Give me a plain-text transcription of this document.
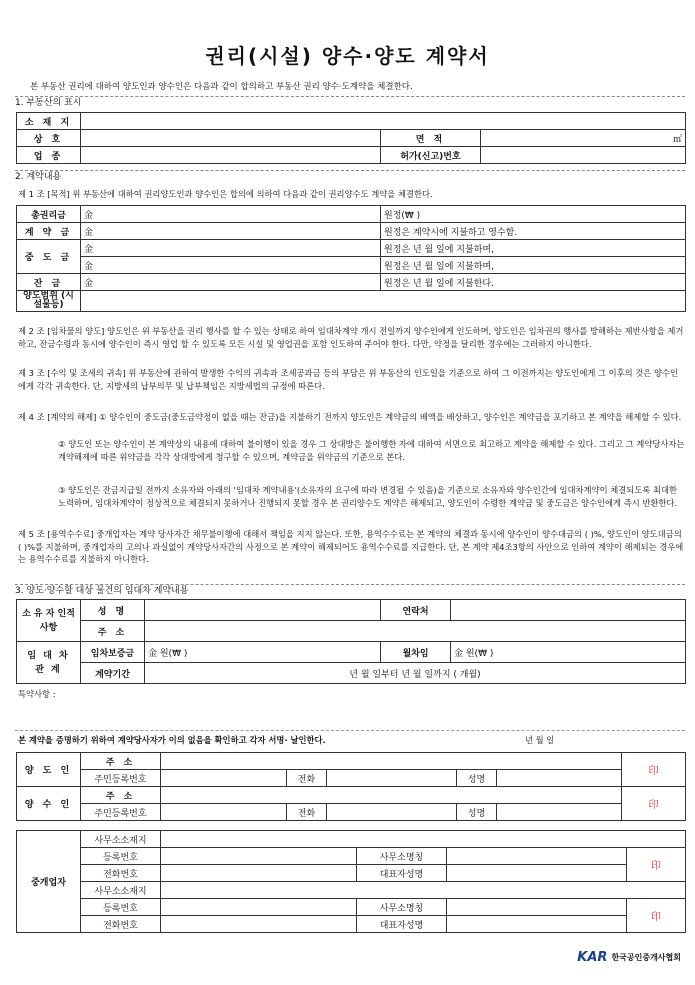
권리(시설) 양수·양도 계약서
본 부동산 권리에 대하여 양도인과 양수인은 다음과 같이 합의하고 부동산 권리 양수·도계약을 체결한다.
1. 부동산의 표시
소 재 지			
상 호		면 적	㎡
업 종		허가(신고)번호	
2. 계약내용
제 1 조 [목적] 위 부동산에 대하여 권리양도인과 양수인은 합의에 의하여 다음과 같이 권리양수도 계약을 체결한다.
총권리금	金	원정(₩ )
계 약 금	金	원정은 계약시에 지불하고 영수함.
중 도 금	金	원정은 년 월 일에 지불하며,
	金	원정은 년 월 일에 지불하며,
잔 금	金	원정은 년 월 일에 지불한다.
양도범위 (시설물등)		
제 2 조 [임차물의 양도] 양도인은 위 부동산을 권리 행사를 할 수 있는 상태로 하여 임대차계약 개시 전일까지 양수인에게 인도하며, 양도인은 임차권의 행사를 방해하는 제반사항을 제거하고, 잔금수령과 동시에 양수인이 즉시 영업 할 수 있도록 모든 시설 및 영업권을 포함 인도하여 주어야 한다. 다만, 약정을 달리한 경우에는 그러하지 아니한다.
제 3 조 [수익 및 조세의 귀속] 위 부동산에 관하여 발생한 수익의 귀속과 조세공과금 등의 부담은 위 부동산의 인도일을 기준으로 하여 그 이전까지는 양도인에게 그 이후의 것은 양수인에게 각각 귀속한다. 단, 지방세의 납부의무 및 납부책임은 지방세법의 규정에 따른다.
제 4 조 [계약의 해제] ① 양수인이 중도금(중도금약정이 없을 때는 잔금)을 지불하기 전까지 양도인은 계약금의 배액을 배상하고, 양수인은 계약금을 포기하고 본 계약을 해제할 수 있다.
② 양도인 또는 양수인이 본 계약상의 내용에 대하여 불이행이 있을 경우 그 상대방은 불이행한 자에 대하여 서면으로 최고하고 계약을 해제할 수 있다. 그리고 그 계약당사자는 계약해제에 따른 위약금을 각각 상대방에게 청구할 수 있으며, 계약금을 위약금의 기준으로 본다.
③ 양도인은 잔금지급일 전까지 소유자와 아래의 '임대차 계약내용'(소유자의 요구에 따라 변경될 수 있음)을 기준으로 소유자와 양수인간에 임대차계약이 체결되도록 최대한 노력하며, 임대차계약이 정상적으로 체결되지 못하거나 진행되지 못할 경우 본 권리양수도 계약은 해제되고, 양도인이 수령한 계약금 및 중도금은 양수인에게 즉시 반환한다.
제 5 조 [용역수수료] 중개업자는 계약 당사자간 채무불이행에 대해서 책임을 지지 않는다. 또한, 용역수수료는 본 계약의 체결과 동시에 양수인이 양수대금의 ( )%, 양도인이 양도대금의 ( )%를 지불하며, 중개업자의 고의나 과실없이 계약당사자간의 사정으로 본 계약이 해제되어도 용역수수료를 지급한다. 단, 본 계약 제4조3항의 사안으로 인하여 계약이 해제되는 경우에는 용역수수료를 지불하지 아니한다.
3. 양도·양수할 대상 물건의 임대차 계약내용
소 유 자 인적사항	성 명		연락처	
	주 소			
임 대 차 관 계	임차보증금	金 원(₩ )	월차임	金 원(₩ )
	계약기간	년 월 일부터 년 월 일까지 ( 개월)		
특약사항 :
본 계약을 증명하기 위하여 계약당사자가 이의 없음을 확인하고 각자 서명· 날인한다.	년 월 일
양 도 인	주 소						印
	주민등록번호		전화		성명		
양 수 인	주 소						印
	주민등록번호		전화		성명		
중개업자	사무소소재지				
	등록번호		사무소명칭		印
	전화번호		대표자성명		
	사무소소재지				
	등록번호		사무소명칭		印
	전화번호		대표자성명		
KAR 한국공인중개사협회
